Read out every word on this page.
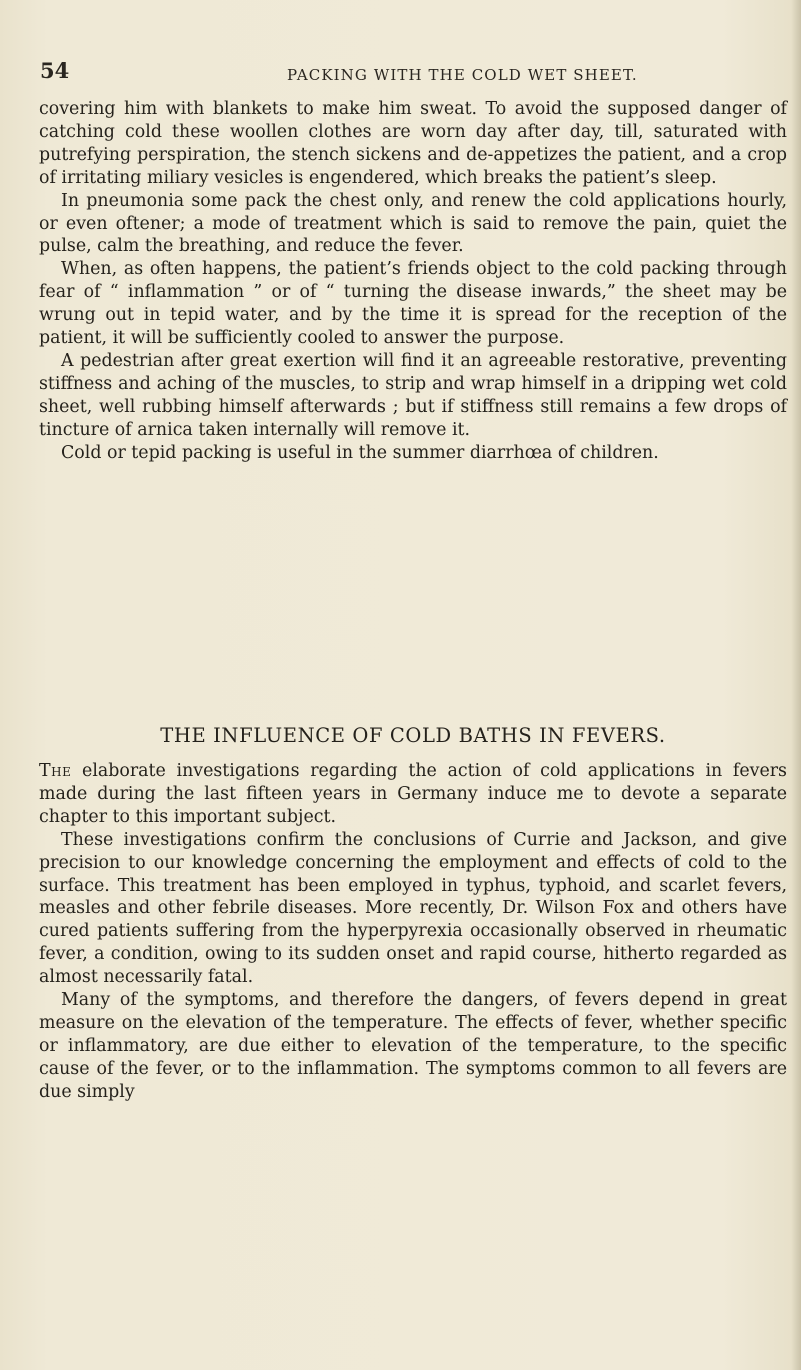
54	PACKING WITH THE COLD WET SHEET.

covering him with blankets to make him sweat. To avoid the supposed danger of catching cold these woollen clothes are worn day after day, till, saturated with putrefying perspiration, the stench sickens and de-appetizes the patient, and a crop of irritating miliary vesicles is engendered, which breaks the patient’s sleep.

In pneumonia some pack the chest only, and renew the cold applications hourly, or even oftener; a mode of treatment which is said to remove the pain, quiet the pulse, calm the breathing, and reduce the fever.

When, as often happens, the patient’s friends object to the cold packing through fear of “ inflammation ” or of “ turning the disease inwards,” the sheet may be wrung out in tepid water, and by the time it is spread for the reception of the patient, it will be sufficiently cooled to answer the purpose.

A pedestrian after great exertion will find it an agreeable restorative, preventing stiffness and aching of the muscles, to strip and wrap himself in a dripping wet cold sheet, well rubbing himself afterwards ; but if stiffness still remains a few drops of tincture of arnica taken internally will remove it.

Cold or tepid packing is useful in the summer diarrhœa of children.

THE INFLUENCE OF COLD BATHS IN FEVERS.

The elaborate investigations regarding the action of cold applications in fevers made during the last fifteen years in Germany induce me to devote a separate chapter to this important subject.

These investigations confirm the conclusions of Currie and Jackson, and give precision to our knowledge concerning the employment and effects of cold to the surface. This treatment has been employed in typhus, typhoid, and scarlet fevers, measles and other febrile diseases. More recently, Dr. Wilson Fox and others have cured patients suffering from the hyperpyrexia occasionally observed in rheumatic fever, a condition, owing to its sudden onset and rapid course, hitherto regarded as almost necessarily fatal.

Many of the symptoms, and therefore the dangers, of fevers depend in great measure on the elevation of the temperature. The effects of fever, whether specific or inflammatory, are due either to elevation of the temperature, to the specific cause of the fever, or to the inflammation. The symptoms common to all fevers are due simply
